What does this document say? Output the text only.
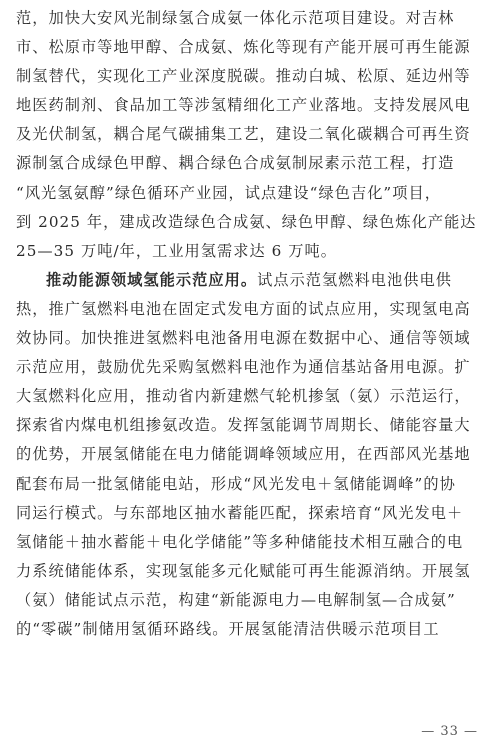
范，加快大安风光制绿氢合成氨一体化示范项目建设。对吉林

市、松原市等地甲醇、合成氨、炼化等现有产能开展可再生能源

制氢替代，实现化工产业深度脱碳。推动白城、松原、延边州等

地医药制剂、食品加工等涉氢精细化工产业落地。支持发展风电

及光伏制氢，耦合尾气碳捕集工艺，建设二氧化碳耦合可再生资

源制氢合成绿色甲醇、耦合绿色合成氨制尿素示范工程，打造

“风光氢氨醇”绿色循环产业园，试点建设“绿色吉化”项目，

到 2025 年，建成改造绿色合成氨、绿色甲醇、绿色炼化产能达

25—35 万吨/年，工业用氢需求达 6 万吨。

推动能源领域氢能示范应用。试点示范氢燃料电池供电供

热，推广氢燃料电池在固定式发电方面的试点应用，实现氢电高

效协同。加快推进氢燃料电池备用电源在数据中心、通信等领域

示范应用，鼓励优先采购氢燃料电池作为通信基站备用电源。扩

大氢燃料化应用，推动省内新建燃气轮机掺氢（氨）示范运行，

探索省内煤电机组掺氨改造。发挥氢能调节周期长、储能容量大

的优势，开展氢储能在电力储能调峰领域应用，在西部风光基地

配套布局一批氢储能电站，形成“风光发电＋氢储能调峰”的协

同运行模式。与东部地区抽水蓄能匹配，探索培育“风光发电＋

氢储能＋抽水蓄能＋电化学储能”等多种储能技术相互融合的电

力系统储能体系，实现氢能多元化赋能可再生能源消纳。开展氢

（氨）储能试点示范，构建“新能源电力—电解制氢—合成氨”

的“零碳”制储用氢循环路线。开展氢能清洁供暖示范项目工

— 33 —
